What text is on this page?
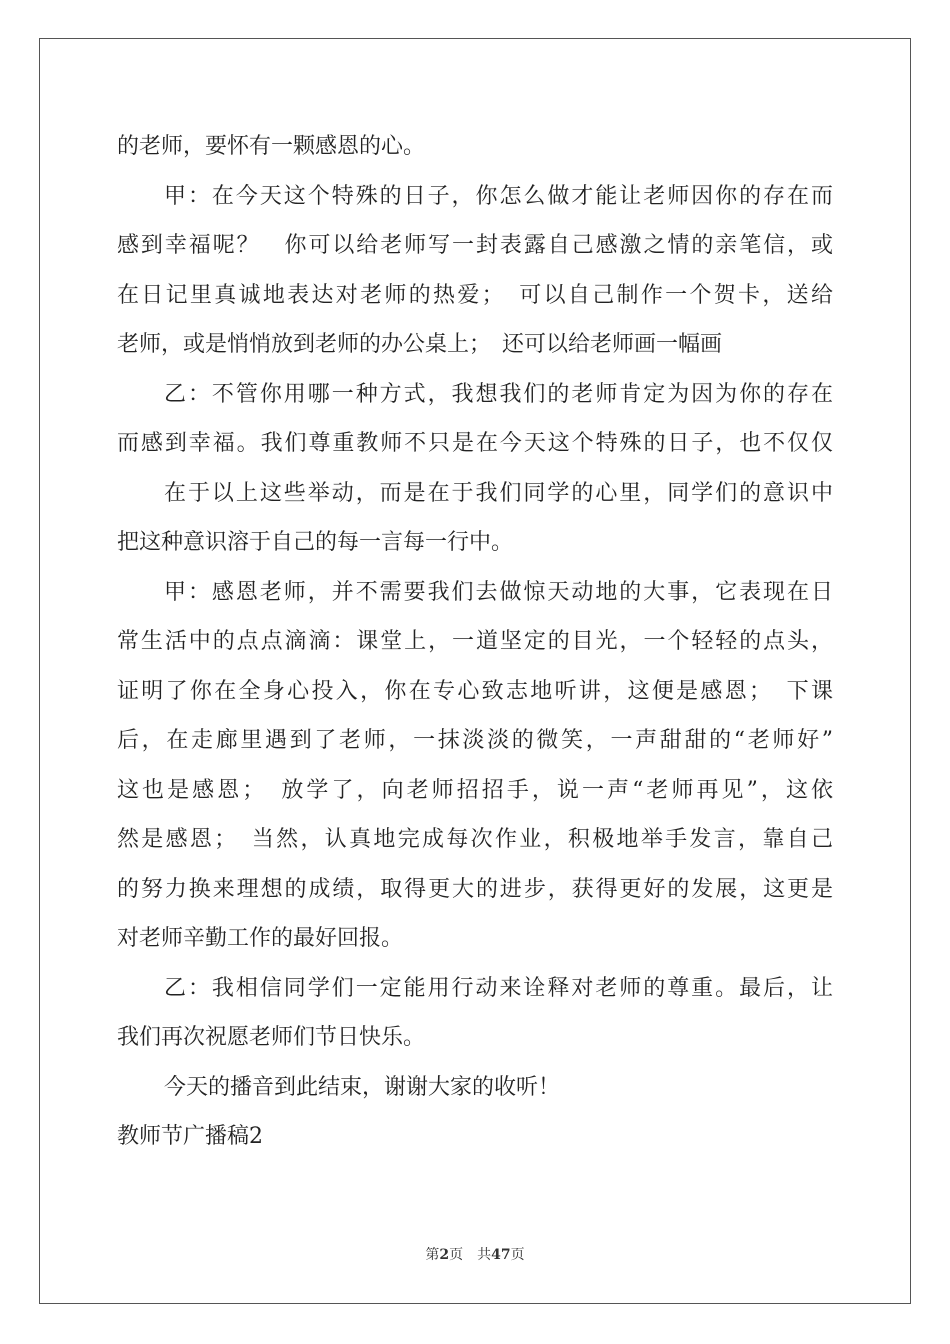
的老师，要怀有一颗感恩的心。
甲：在今天这个特殊的日子，你怎么做才能让老师因你的存在而
感到幸福呢？　你可以给老师写一封表露自己感激之情的亲笔信，或
在日记里真诚地表达对老师的热爱；　可以自己制作一个贺卡，送给
老师，或是悄悄放到老师的办公桌上；　还可以给老师画一幅画
乙：不管你用哪一种方式，我想我们的老师肯定为因为你的存在
而感到幸福。我们尊重教师不只是在今天这个特殊的日子，也不仅仅
在于以上这些举动，而是在于我们同学的心里，同学们的意识中
把这种意识溶于自己的每一言每一行中。
甲：感恩老师，并不需要我们去做惊天动地的大事，它表现在日
常生活中的点点滴滴：课堂上，一道坚定的目光，一个轻轻的点头，
证明了你在全身心投入，你在专心致志地听讲，这便是感恩；　下课
后，在走廊里遇到了老师，一抹淡淡的微笑，一声甜甜的“老师好”
这也是感恩；　放学了，向老师招招手，说一声“老师再见”，这依
然是感恩；　当然，认真地完成每次作业，积极地举手发言，靠自己
的努力换来理想的成绩，取得更大的进步，获得更好的发展，这更是
对老师辛勤工作的最好回报。
乙：我相信同学们一定能用行动来诠释对老师的尊重。最后，让
我们再次祝愿老师们节日快乐。
今天的播音到此结束，谢谢大家的收听！
教师节广播稿2
第2页　 共47页
